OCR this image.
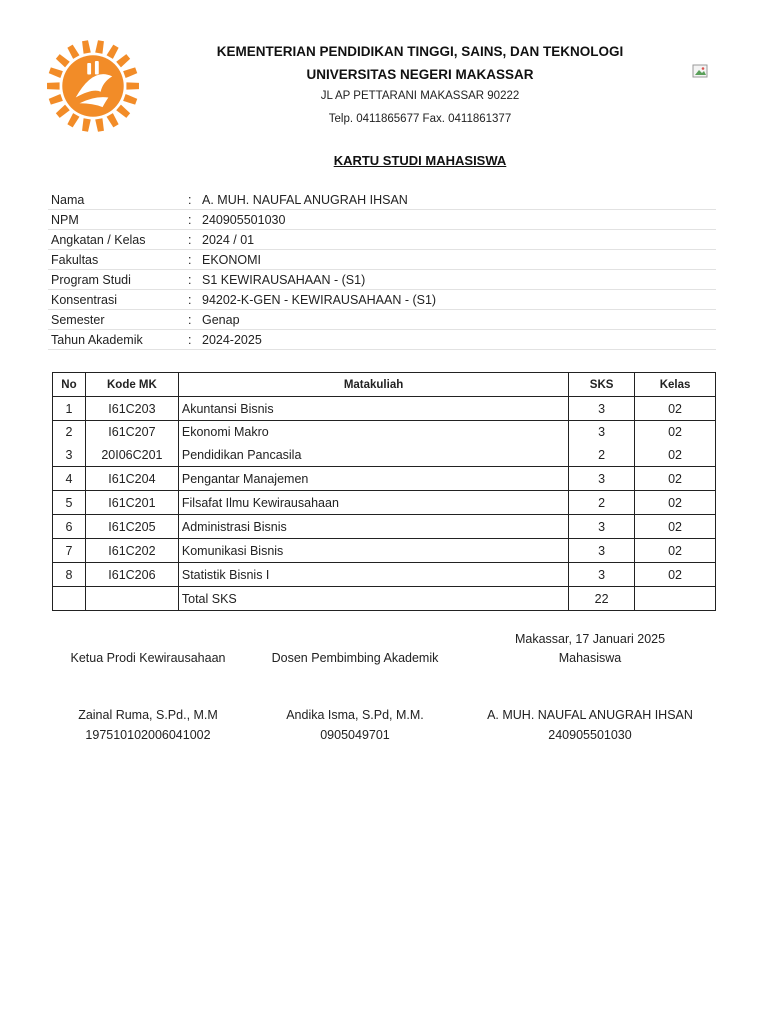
KEMENTERIAN PENDIDIKAN TINGGI, SAINS, DAN TEKNOLOGI
UNIVERSITAS NEGERI MAKASSAR
JL AP PETTARANI MAKASSAR 90222
Telp. 0411865677 Fax. 0411861377
KARTU STUDI MAHASISWA
Nama	: A. MUH. NAUFAL ANUGRAH IHSAN
NPM	: 240905501030
Angkatan / Kelas	: 2024 / 01
Fakultas	: EKONOMI
Program Studi	: S1 KEWIRAUSAHAAN - (S1)
Konsentrasi	: 94202-K-GEN - KEWIRAUSAHAAN - (S1)
Semester	: Genap
Tahun Akademik	: 2024-2025
No	Kode MK	Matakuliah	SKS	Kelas
1	I61C203	Akuntansi Bisnis	3	02
2	I61C207	Ekonomi Makro	3	02
3	20I06C201	Pendidikan Pancasila	2	02
4	I61C204	Pengantar Manajemen	3	02
5	I61C201	Filsafat Ilmu Kewirausahaan	2	02
6	I61C205	Administrasi Bisnis	3	02
7	I61C202	Komunikasi Bisnis	3	02
8	I61C206	Statistik Bisnis I	3	02
		Total SKS	22	
Makassar, 17 Januari 2025
Ketua Prodi Kewirausahaan	Dosen Pembimbing Akademik	Mahasiswa
Zainal Ruma, S.Pd., M.M	Andika Isma, S.Pd, M.M.	A. MUH. NAUFAL ANUGRAH IHSAN
197510102006041002	0905049701	240905501030
